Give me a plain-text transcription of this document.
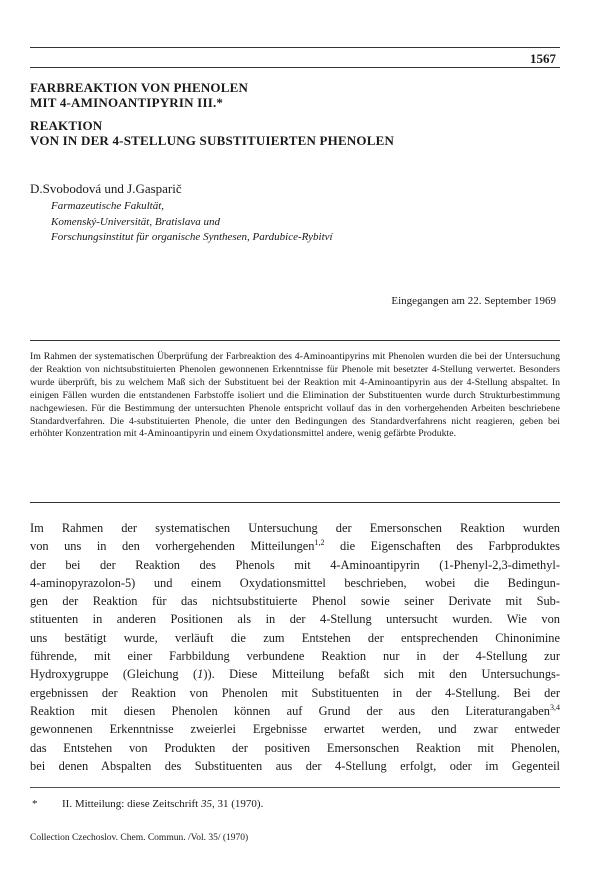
1567
FARBREAKTION VON PHENOLEN
MIT 4-AMINOANTIPYRIN III.*
REAKTION
VON IN DER 4-STELLUNG SUBSTITUIERTEN PHENOLEN
D.Svobodová und J.Gasparič
Farmazeutische Fakultät,
Komenský-Universität, Bratislava und
Forschungsinstitut für organische Synthesen, Pardubice-Rybitví
Eingegangen am 22. September 1969

Im Rahmen der systematischen Überprüfung der Farbreaktion des 4-Aminoantipyrins mit Phenolen wurden die bei der Untersuchung der Reaktion von nichtsubstituierten Phenolen gewonnenen Erkenntnisse für Phenole mit besetzter 4-Stellung verwertet. Besonders wurde überprüft, bis zu welchem Maß sich der Substituent bei der Reaktion mit 4-Aminoantipyrin aus der 4-Stellung abspaltet. In einigen Fällen wurden die entstandenen Farbstoffe isoliert und die Elimination der Substituenten wurde durch Strukturbestimmung nachgewiesen. Für die Bestimmung der untersuchten Phenole entspricht vollauf das in den vorhergehenden Arbeiten beschriebene Standardverfahren. Die 4-substituierten Phenole, die unter den Bedingungen des Standardverfahrens nicht reagieren, geben bei erhöhter Konzentration mit 4-Aminoantipyrin und einem Oxydationsmittel andere, wenig gefärbte Produkte.

Im Rahmen der systematischen Untersuchung der Emersonschen Reaktion wurden
von uns in den vorhergehenden Mitteilungen$^{1,2}$ die Eigenschaften des Farbproduktes
der bei der Reaktion des Phenols mit 4-Aminoantipyrin (1-Phenyl-2,3-dimethyl-
4-aminopyrazolon-5) und einem Oxydationsmittel beschrieben, wobei die Bedingun-
gen der Reaktion für das nichtsubstituierte Phenol sowie seiner Derivate mit Sub-
stituenten in anderen Positionen als in der 4-Stellung untersucht wurden. Wie von
uns bestätigt wurde, verläuft die zum Entstehen der entsprechenden Chinonimine
führende, mit einer Farbbildung verbundene Reaktion nur in der 4-Stellung zur
Hydroxygruppe (Gleichung (1)). Diese Mitteilung befaßt sich mit den Untersuchungs-
ergebnissen der Reaktion von Phenolen mit Substituenten in der 4-Stellung. Bei der
Reaktion mit diesen Phenolen können auf Grund der aus den Literaturangaben$^{3,4}$
gewonnenen Erkenntnisse zweierlei Ergebnisse erwartet werden, und zwar entweder
das Entstehen von Produkten der positiven Emersonschen Reaktion mit Phenolen,
bei denen Abspalten des Substituenten aus der 4-Stellung erfolgt, oder im Gegenteil
* II. Mitteilung: diese Zeitschrift 35, 31 (1970).
Collection Czechoslov. Chem. Commun. /Vol. 35/ (1970)
